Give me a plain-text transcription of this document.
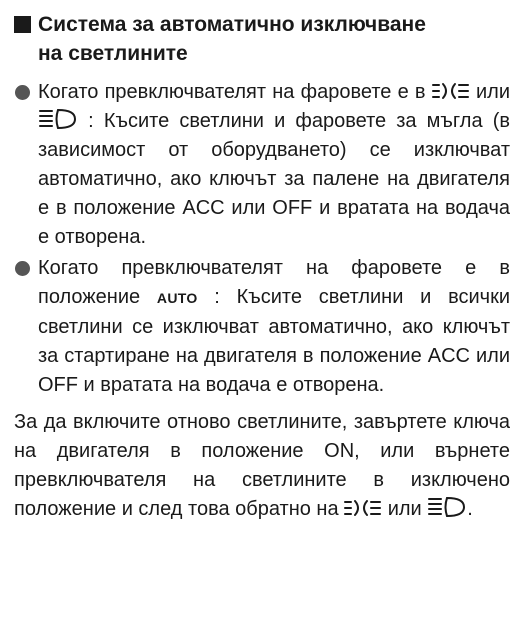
Система за автоматично изключване
на светлините
Когато превключвателят на фаровете е в	или  : Късите светлини и фаровете за мъгла (в зависимост от оборудването) се изключват автоматично, ако ключът за палене на двигателя е в положение ACC или OFF и вратата на водача е отворена.
Когато превключвателят на фаровете е в положение AUTO : Късите светлини и всички светлини се изключват автоматично, ако ключът за стартиране на двигателя в положение ACC или OFF и вратата на водача е отворена.
За да включите отново светлините, завъртете ключа на двигателя в положение ON, или върнете превключвателя на светлините в изключено положение и след това обратно на или .
